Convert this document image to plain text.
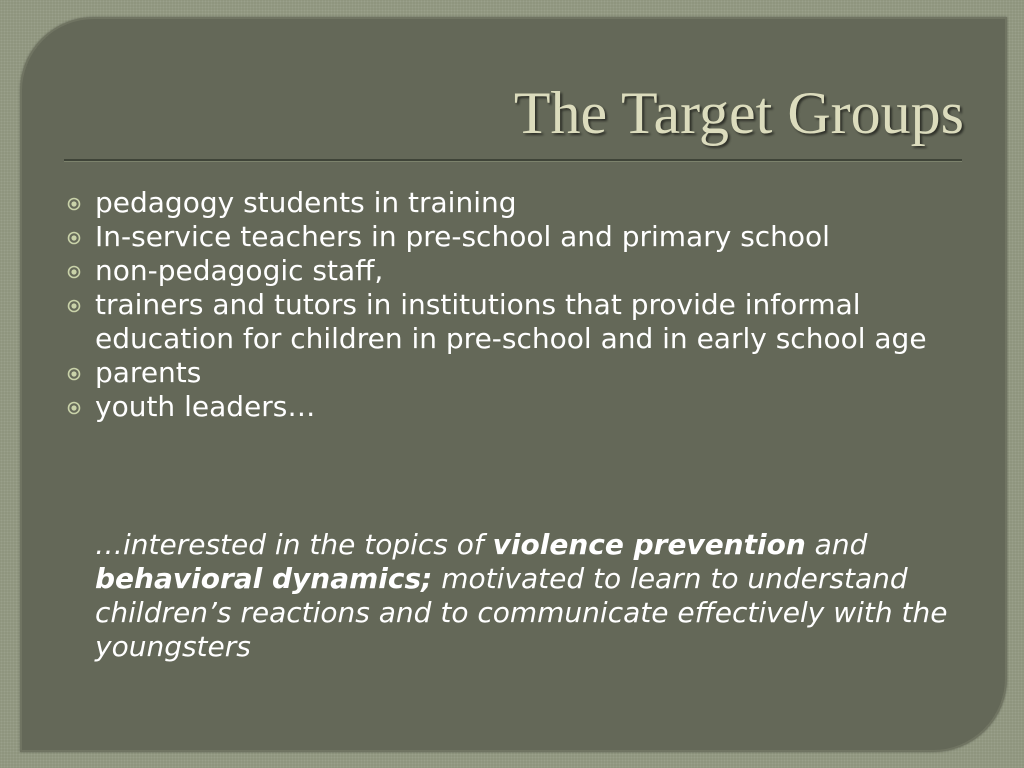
The Target Groups
pedagogy students in training
In-service teachers in pre-school and primary school
non-pedagogic staff,
trainers and tutors in institutions that provide informal education for children in pre-school and in early school age
parents
youth leaders…

…interested in the topics of violence prevention and behavioral dynamics; motivated to learn to understand children’s reactions and to communicate effectively with the youngsters
